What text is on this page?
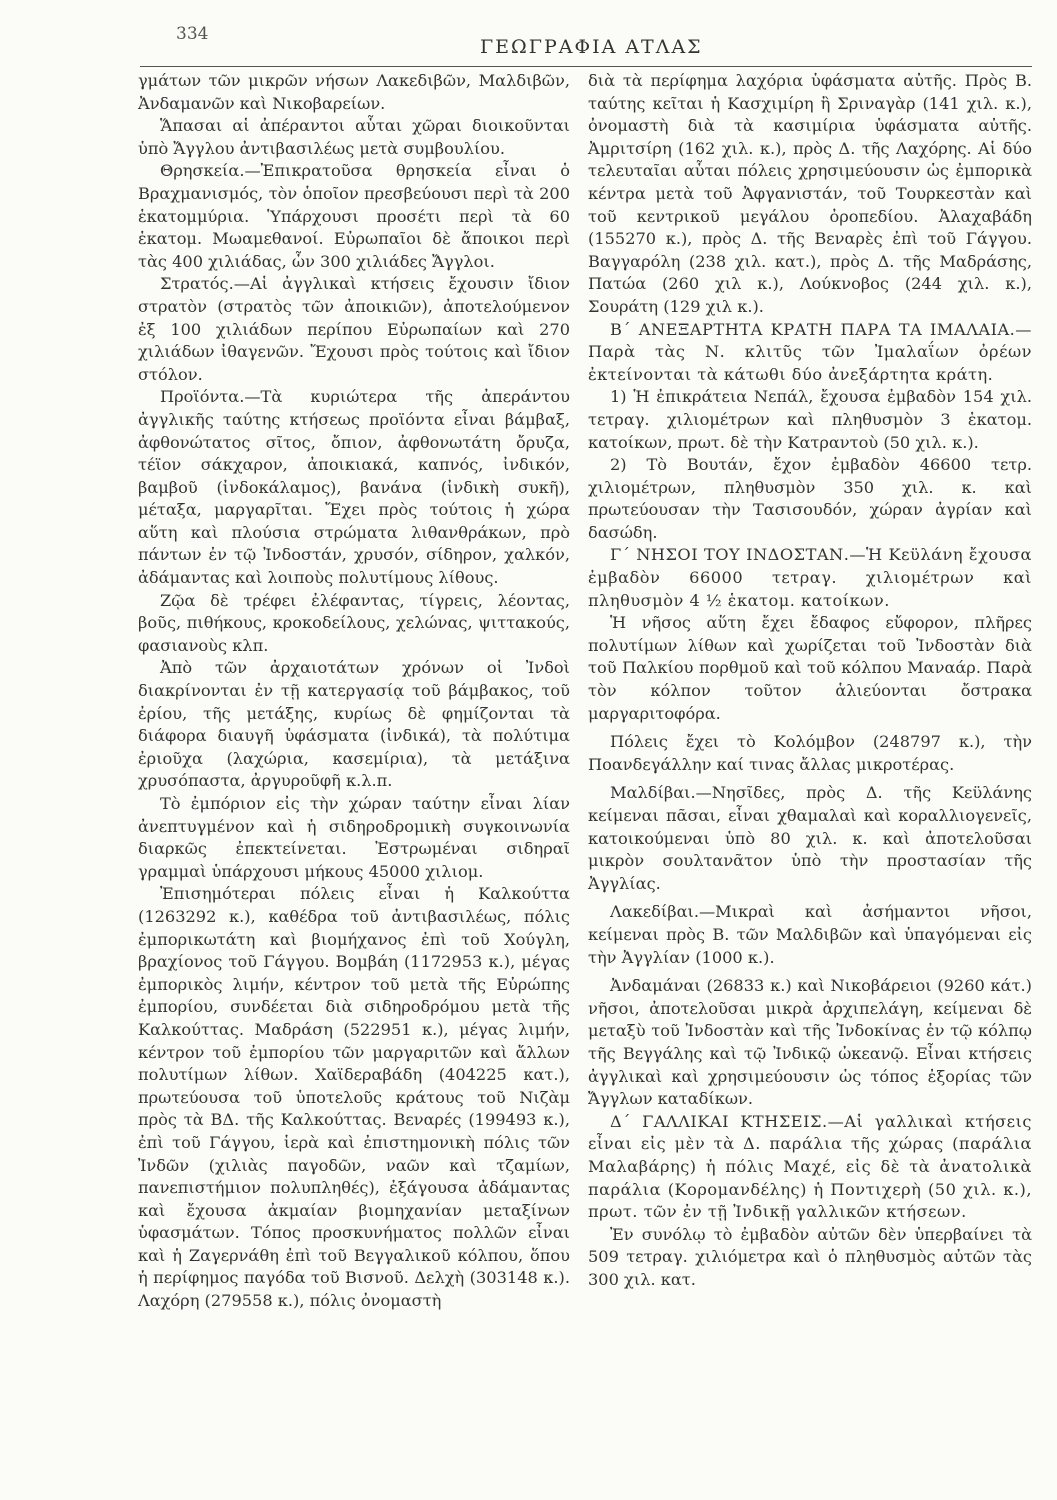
334
ΓΕΩΓΡΑΦΙΑ ΑΤΛΑΣ

γμάτων τῶν μικρῶν νήσων Λακεδιβῶν, Μαλδιβῶν, Ἀνδαμανῶν καὶ Νικοβαρείων.

Ἅπασαι αἱ ἀπέραντοι αὗται χῶραι διοικοῦνται ὑπὸ Ἄγγλου ἀντιβασιλέως μετὰ συμβουλίου.

Θρησκεία.—Ἐπικρατοῦσα θρησκεία εἶναι ὁ Βραχμανισμός, τὸν ὁποῖον πρεσβεύουσι περὶ τὰ 200 ἑκατομμύρια. Ὑπάρχουσι προσέτι περὶ τὰ 60 ἑκατομ. Μωαμεθανοί. Εὐρωπαῖοι δὲ ἄποικοι περὶ τὰς 400 χιλιάδας, ὧν 300 χιλιάδες Ἄγγλοι.

Στρατός.—Αἱ ἀγγλικαὶ κτήσεις ἔχουσιν ἴδιον στρατὸν (στρατὸς τῶν ἀποικιῶν), ἀποτελούμενον ἐξ 100 χιλιάδων περίπου Εὐρωπαίων καὶ 270 χιλιάδων ἰθαγενῶν. Ἔχουσι πρὸς τούτοις καὶ ἴδιον στόλον.

Προϊόντα.—Τὰ κυριώτερα τῆς ἀπεράντου ἀγγλικῆς ταύτης κτήσεως προϊόντα εἶναι βάμβαξ, ἀφθονώτατος σῖτος, ὄπιον, ἀφθονωτάτη ὄρυζα, τέϊον σάκχαρον, ἀποικιακά, καπνός, ἰνδικόν, βαμβοῦ (ἰνδοκάλαμος), βανάνα (ἰνδικὴ συκῆ), μέταξα, μαργαρῖται. Ἔχει πρὸς τούτοις ἡ χώρα αὕτη καὶ πλούσια στρώματα λιθανθράκων, πρὸ πάντων ἐν τῷ Ἰνδοστάν, χρυσόν, σίδηρον, χαλκόν, ἀδάμαντας καὶ λοιποὺς πολυτίμους λίθους.

Ζῷα δὲ τρέφει ἐλέφαντας, τίγρεις, λέοντας, βοῦς, πιθήκους, κροκοδείλους, χελώνας, ψιττακούς, φασιανοὺς κλπ.

Ἀπὸ τῶν ἀρχαιοτάτων χρόνων οἱ Ἰνδοὶ διακρίνονται ἐν τῇ κατεργασίᾳ τοῦ βάμβακος, τοῦ ἐρίου, τῆς μετάξης, κυρίως δὲ φημίζονται τὰ διάφορα διαυγῆ ὑφάσματα (ἰνδικά), τὰ πολύτιμα ἐριοῦχα (λαχώρια, κασεμίρια), τὰ μετάξινα χρυσόπαστα, ἀργυροῦφῆ κ.λ.π.

Τὸ ἐμπόριον εἰς τὴν χώραν ταύτην εἶναι λίαν ἀνεπτυγμένον καὶ ἡ σιδηροδρομικὴ συγκοινωνία διαρκῶς ἐπεκτείνεται. Ἐστρωμέναι σιδηραῖ γραμμαὶ ὑπάρχουσι μήκους 45000 χιλιομ.

Ἐπισημότεραι πόλεις εἶναι ἡ Καλκούττα (1263292 κ.), καθέδρα τοῦ ἀντιβασιλέως, πόλις ἐμπορικωτάτη καὶ βιομήχανος ἐπὶ τοῦ Χούγλη, βραχίονος τοῦ Γάγγου. Βομβάη (1172953 κ.), μέγας ἐμπορικὸς λιμήν, κέντρον τοῦ μετὰ τῆς Εὐρώπης ἐμπορίου, συνδέεται διὰ σιδηροδρόμου μετὰ τῆς Καλκούττας. Μαδράση (522951 κ.), μέγας λιμήν, κέντρον τοῦ ἐμπορίου τῶν μαργαριτῶν καὶ ἄλλων πολυτίμων λίθων. Χαϊδεραβάδη (404225 κατ.), πρωτεύουσα τοῦ ὑποτελοῦς κράτους τοῦ Νιζὰμ πρὸς τὰ ΒΔ. τῆς Καλκούττας. Βεναρές (199493 κ.), ἐπὶ τοῦ Γάγγου, ἱερὰ καὶ ἐπιστημονικὴ πόλις τῶν Ἰνδῶν (χιλιὰς παγοδῶν, ναῶν καὶ τζαμίων, πανεπιστήμιον πολυπληθές), ἐξάγουσα ἀδάμαντας καὶ ἔχουσα ἀκμαίαν βιομηχανίαν μεταξίνων ὑφασμάτων. Τόπος προσκυνήματος πολλῶν εἶναι καὶ ἡ Ζαγερνάθη ἐπὶ τοῦ Βεγγαλικοῦ κόλπου, ὅπου ἡ περίφημος παγόδα τοῦ Βισνοῦ. Δελχὴ (303148 κ.). Λαχόρη (279558 κ.), πόλις ὀνομαστὴ

διὰ τὰ περίφημα λαχόρια ὑφάσματα αὐτῆς. Πρὸς Β. ταύτης κεῖται ἡ Κασχιμίρη ἢ Σριναγὰρ (141 χιλ. κ.), ὀνομαστὴ διὰ τὰ κασιμίρια ὑφάσματα αὐτῆς. Ἀμριτσίρη (162 χιλ. κ.), πρὸς Δ. τῆς Λαχόρης. Αἱ δύο τελευταῖαι αὗται πόλεις χρησιμεύουσιν ὡς ἐμπορικὰ κέντρα μετὰ τοῦ Ἀφγανιστάν, τοῦ Τουρκεστὰν καὶ τοῦ κεντρικοῦ μεγάλου ὀροπεδίου. Ἀλαχαβάδη (155270 κ.), πρὸς Δ. τῆς Βεναρὲς ἐπὶ τοῦ Γάγγου. Βαγγαρόλη (238 χιλ. κατ.), πρὸς Δ. τῆς Μαδράσης, Πατώα (260 χιλ κ.), Λούκνοβος (244 χιλ. κ.), Σουράτη (129 χιλ κ.).

Β΄ ΑΝΕΞΑΡΤΗΤΑ ΚΡΑΤΗ ΠΑΡΑ ΤΑ ΙΜΑΛΑΙΑ.—Παρὰ τὰς Ν. κλιτῦς τῶν Ἰμαλαΐων ὀρέων ἐκτείνονται τὰ κάτωθι δύο ἀνεξάρτητα κράτη.

1) Ἡ ἐπικράτεια Νεπάλ, ἔχουσα ἐμβαδὸν 154 χιλ. τετραγ. χιλιομέτρων καὶ πληθυσμὸν 3 ἑκατομ. κατοίκων, πρωτ. δὲ τὴν Κατραντοὺ (50 χιλ. κ.).

2) Τὸ Βουτάν, ἔχον ἐμβαδὸν 46600 τετρ. χιλιομέτρων, πληθυσμὸν 350 χιλ. κ. καὶ πρωτεύουσαν τὴν Τασισουδόν, χώραν ἀγρίαν καὶ δασώδη.

Γ΄ ΝΗΣΟΙ ΤΟΥ ΙΝΔΟΣΤΑΝ.—Ἡ Κεϋλάνη ἔχουσα ἐμβαδὸν 66000 τετραγ. χιλιομέτρων καὶ πληθυσμὸν 4 ½ ἑκατομ. κατοίκων.

Ἡ νῆσος αὕτη ἔχει ἔδαφος εὔφορον, πλῆρες πολυτίμων λίθων καὶ χωρίζεται τοῦ Ἰνδοστὰν διὰ τοῦ Παλκίου πορθμοῦ καὶ τοῦ κόλπου Μαναάρ. Παρὰ τὸν κόλπον τοῦτον ἁλιεύονται ὄστρακα μαργαριτοφόρα.

Πόλεις ἔχει τὸ Κολόμβον (248797 κ.), τὴν Ποανδεγάλλην καί τινας ἄλλας μικροτέρας.

Μαλδίβαι.—Νησῖδες, πρὸς Δ. τῆς Κεϋλάνης κείμεναι πᾶσαι, εἶναι χθαμαλαὶ καὶ κοραλλιογενεῖς, κατοικούμεναι ὑπὸ 80 χιλ. κ. καὶ ἀποτελοῦσαι μικρὸν σουλτανᾶτον ὑπὸ τὴν προστασίαν τῆς Ἀγγλίας.

Λακεδίβαι.—Μικραὶ καὶ ἀσήμαντοι νῆσοι, κείμεναι πρὸς Β. τῶν Μαλδιβῶν καὶ ὑπαγόμεναι εἰς τὴν Ἀγγλίαν (1000 κ.).

Ἀνδαμάναι (26833 κ.) καὶ Νικοβάρειοι (9260 κάτ.) νῆσοι, ἀποτελοῦσαι μικρὰ ἀρχιπελάγη, κείμεναι δὲ μεταξὺ τοῦ Ἰνδοστὰν καὶ τῆς Ἰνδοκίνας ἐν τῷ κόλπῳ τῆς Βεγγάλης καὶ τῷ Ἰνδικῷ ὠκεανῷ. Εἶναι κτήσεις ἀγγλικαὶ καὶ χρησιμεύουσιν ὡς τόπος ἐξορίας τῶν Ἄγγλων καταδίκων.

Δ΄ ΓΑΛΛΙΚΑΙ ΚΤΗΣΕΙΣ.—Αἱ γαλλικαὶ κτήσεις εἶναι εἰς μὲν τὰ Δ. παράλια τῆς χώρας (παράλια Μαλαβάρης) ἡ πόλις Μαχέ, εἰς δὲ τὰ ἀνατολικὰ παράλια (Κορομανδέλης) ἡ Ποντιχερὴ (50 χιλ. κ.), πρωτ. τῶν ἐν τῇ Ἰνδικῇ γαλλικῶν κτήσεων.

Ἐν συνόλῳ τὸ ἐμβαδὸν αὐτῶν δὲν ὑπερβαίνει τὰ 509 τετραγ. χιλιόμετρα καὶ ὁ πληθυσμὸς αὐτῶν τὰς 300 χιλ. κατ.
